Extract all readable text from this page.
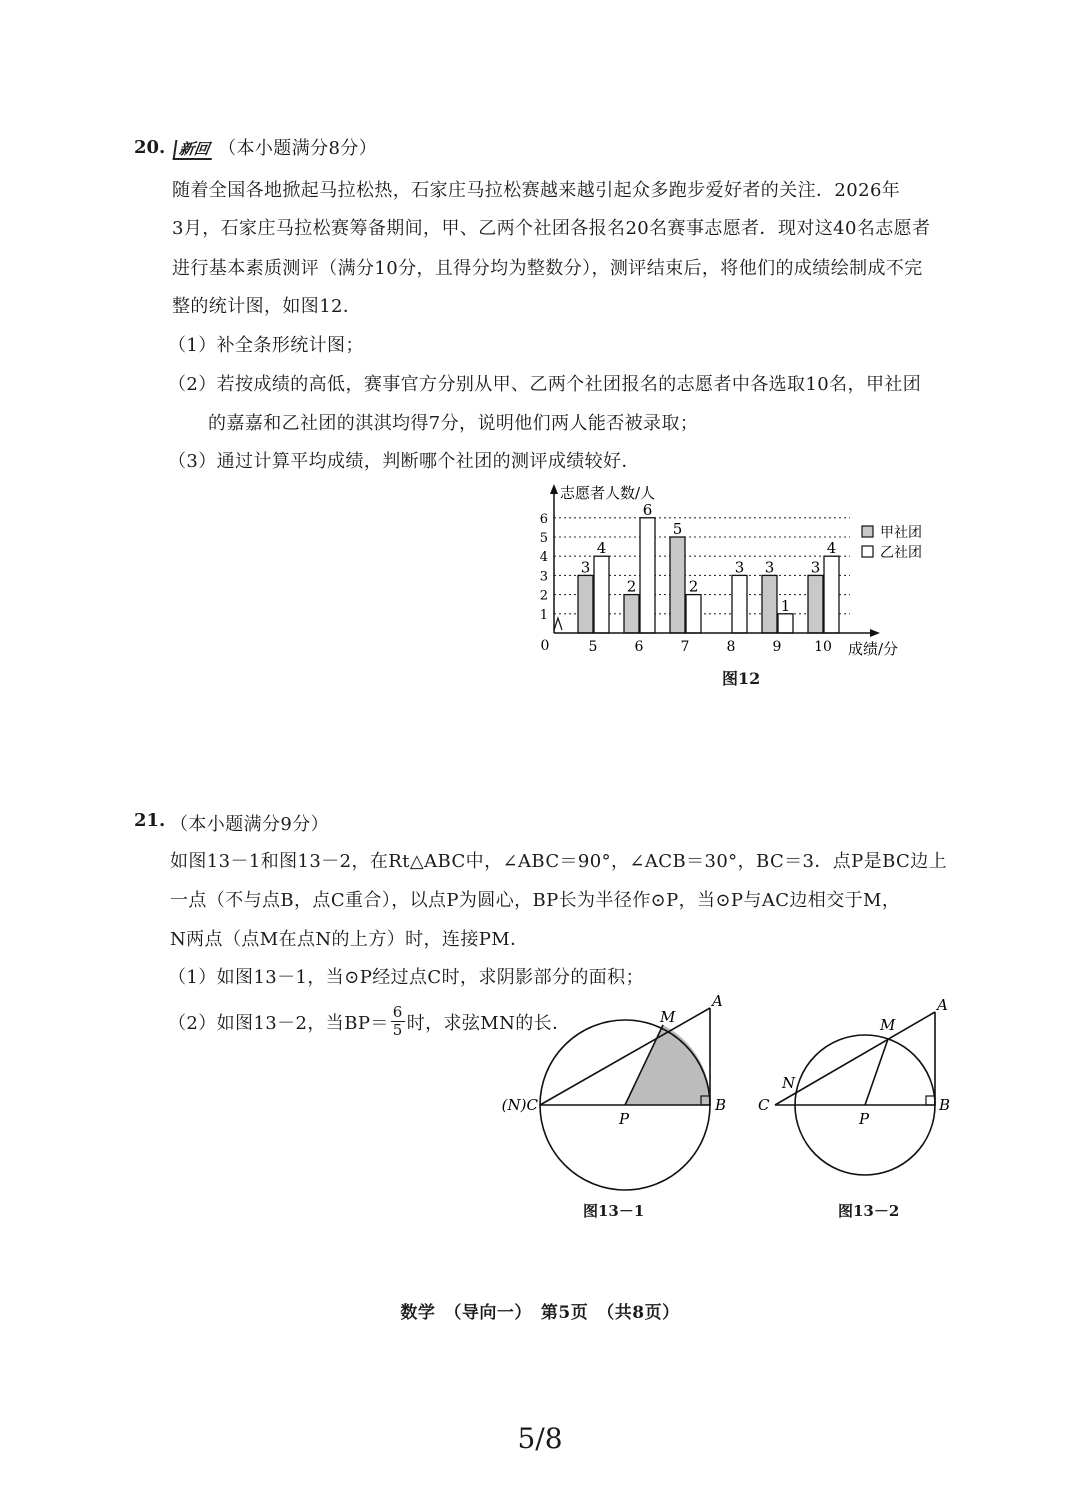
20. 新回 （本小题满分8分）
随着全国各地掀起马拉松热，石家庄马拉松赛越来越引起众多跑步爱好者的关注．2026年
3月，石家庄马拉松赛筹备期间，甲、乙两个社团各报名20名赛事志愿者．现对这40名志愿者
进行基本素质测评（满分10分，且得分均为整数分），测评结束后，将他们的成绩绘制成不完
整的统计图，如图12．
（1）补全条形统计图；
（2）若按成绩的高低，赛事官方分别从甲、乙两个社团报名的志愿者中各选取10名，甲社团
的嘉嘉和乙社团的淇淇均得7分，说明他们两人能否被录取；
（3）通过计算平均成绩，判断哪个社团的测评成绩较好．
3
4
2
6
5
2
3 3
1
3
4
1
2
3
4
5
6
5	6	7	8	9 10
志愿者人数/人
成绩/分
0
甲社团
乙社团
图12
21. （本小题满分9分）
如图13－1和图13－2，在Rt△ABC中，∠ABC＝90°，∠ACB＝30°，BC＝3．点P是BC边上
一点（不与点B，点C重合），以点P为圆心，BP长为半径作⊙P，当⊙P与AC边相交于M，
N两点（点M在点N的上方）时，连接PM．
（1）如图13－1，当⊙P经过点C时，求阴影部分的面积；
（2）如图13－2，当$BP= \frac{6}{5}$ 时，求弦MN的长．
A
B
(N)C
M
P
图13－1
A
B
C
N
M
P
图13－2
数学　（导向一）　第5页　（共8页）
5/8
